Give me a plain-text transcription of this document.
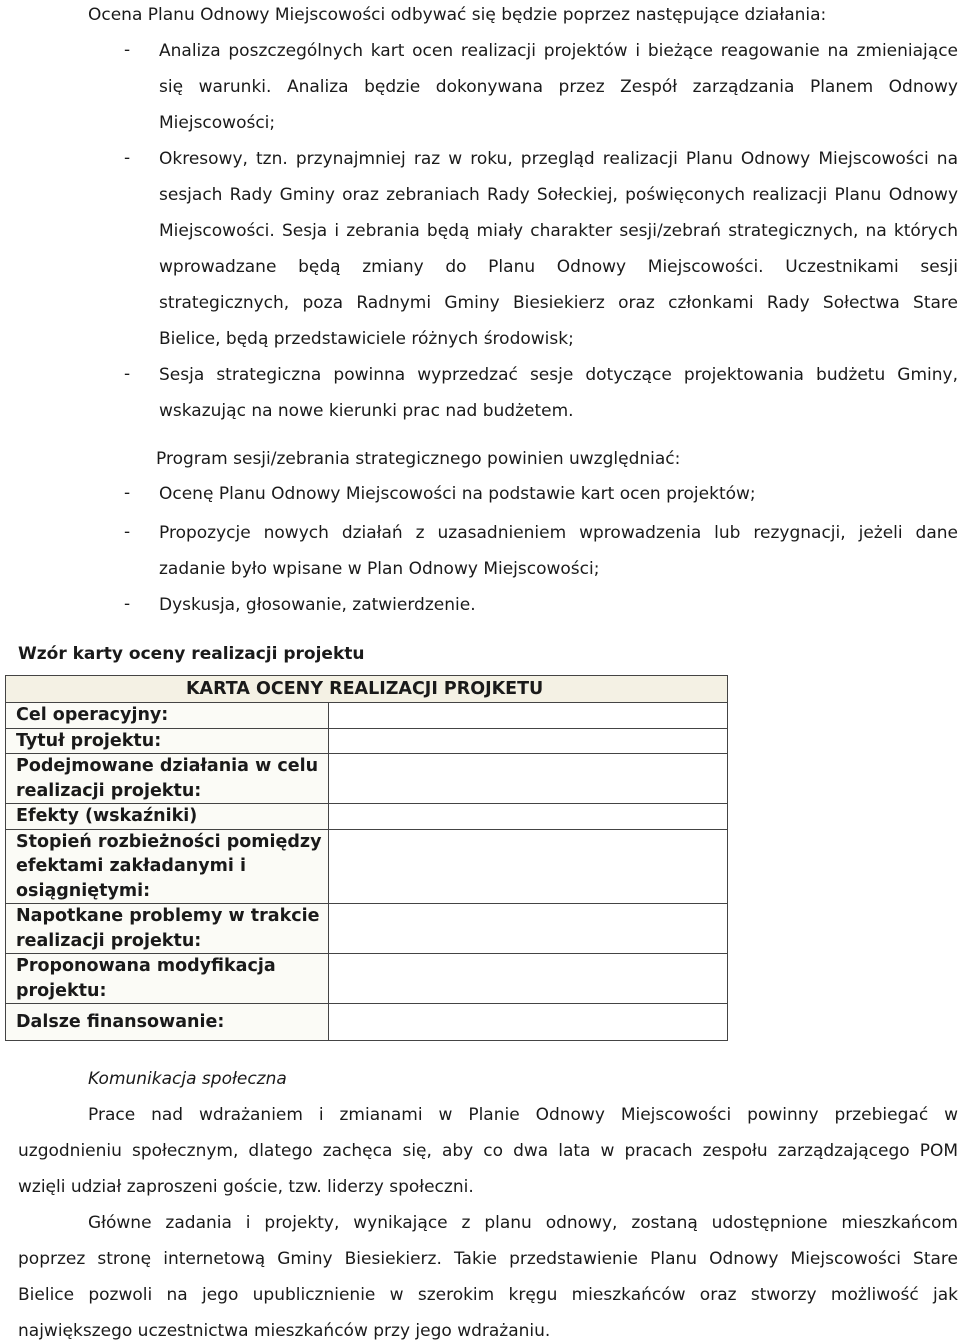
Ocena Planu Odnowy Miejscowości odbywać się będzie poprzez następujące działania:
-	Analiza poszczególnych kart ocen realizacji projektów i bieżące reagowanie na zmieniające
się warunki. Analiza będzie dokonywana przez Zespół zarządzania Planem Odnowy
Miejscowości;
-	Okresowy, tzn. przynajmniej raz w roku, przegląd realizacji Planu Odnowy Miejscowości na
sesjach Rady Gminy oraz zebraniach Rady Sołeckiej, poświęconych realizacji Planu Odnowy
Miejscowości. Sesja i zebrania będą miały charakter sesji/zebrań strategicznych, na których
wprowadzane będą zmiany do Planu Odnowy Miejscowości. Uczestnikami sesji
strategicznych, poza Radnymi Gminy Biesiekierz oraz członkami Rady Sołectwa Stare
Bielice, będą przedstawiciele różnych środowisk;
-	Sesja strategiczna powinna wyprzedzać sesje dotyczące projektowania budżetu Gminy,
wskazując na nowe kierunki prac nad budżetem.
Program sesji/zebrania strategicznego powinien uwzględniać:
-	Ocenę Planu Odnowy Miejscowości na podstawie kart ocen projektów;
-	Propozycje nowych działań z uzasadnieniem wprowadzenia lub rezygnacji, jeżeli dane
zadanie było wpisane w Plan Odnowy Miejscowości;
-	Dyskusja, głosowanie, zatwierdzenie.
Wzór karty oceny realizacji projektu
	KARTA OCENY REALIZACJI PROJKETU
Cel operacyjny:	
Tytuł projektu:	
Podejmowane działania w celu realizacji projektu:	
Efekty (wskaźniki)	
Stopień rozbieżności pomiędzy efektami zakładanymi i osiągniętymi:	
Napotkane problemy w trakcie realizacji projektu:	
Proponowana modyfikacja projektu:	
Dalsze finansowanie:	
Komunikacja społeczna
Prace nad wdrażaniem i zmianami w Planie Odnowy Miejscowości powinny przebiegać w
uzgodnieniu społecznym, dlatego zachęca się, aby co dwa lata w pracach zespołu zarządzającego POM
wzięli udział zaproszeni goście, tzw. liderzy społeczni.
Główne zadania i projekty, wynikające z planu odnowy, zostaną udostępnione mieszkańcom
poprzez stronę internetową Gminy Biesiekierz. Takie przedstawienie Planu Odnowy Miejscowości Stare
Bielice pozwoli na jego upublicznienie w szerokim kręgu mieszkańców oraz stworzy możliwość jak
największego uczestnictwa mieszkańców przy jego wdrażaniu.
